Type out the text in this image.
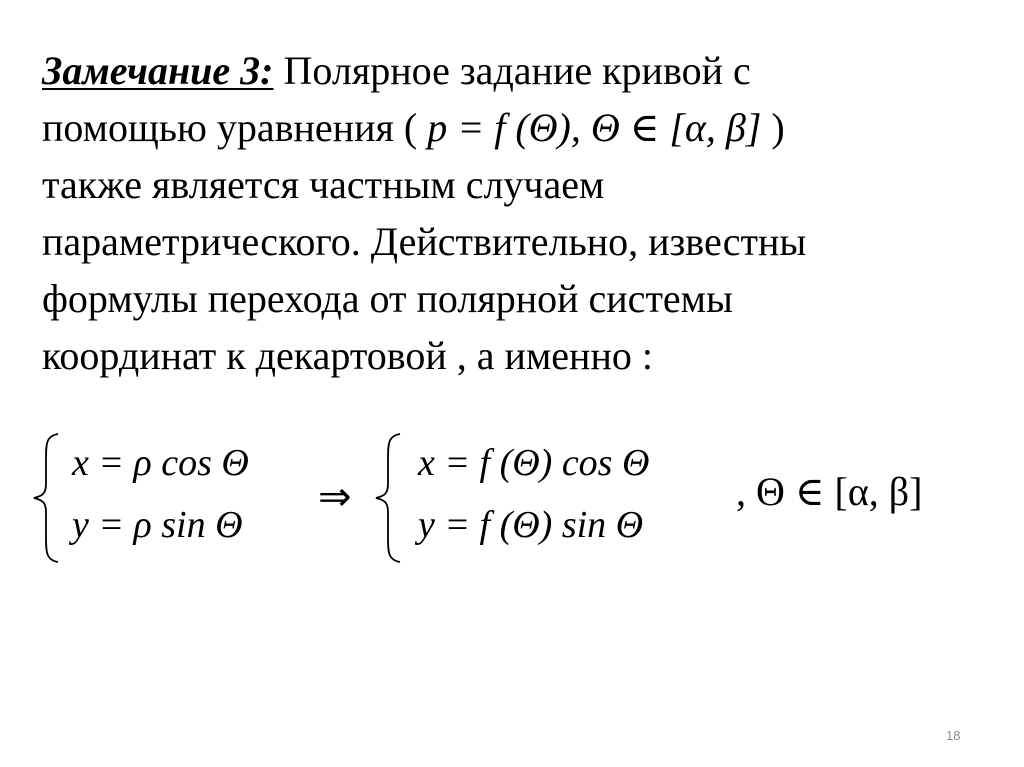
Замечание 3: Полярное задание кривой с
помощью уравнения ( p = f (Θ), Θ ∈ [α, β] )
также является частным случаем
параметрического. Действительно, известны
формулы перехода от полярной системы
координат к декартовой , а именно :
x = ρ cos Θ
y = ρ sin Θ
⇒
x = f (Θ) cos Θ
y = f (Θ) sin Θ
, Θ ∈ [α, β]
18
